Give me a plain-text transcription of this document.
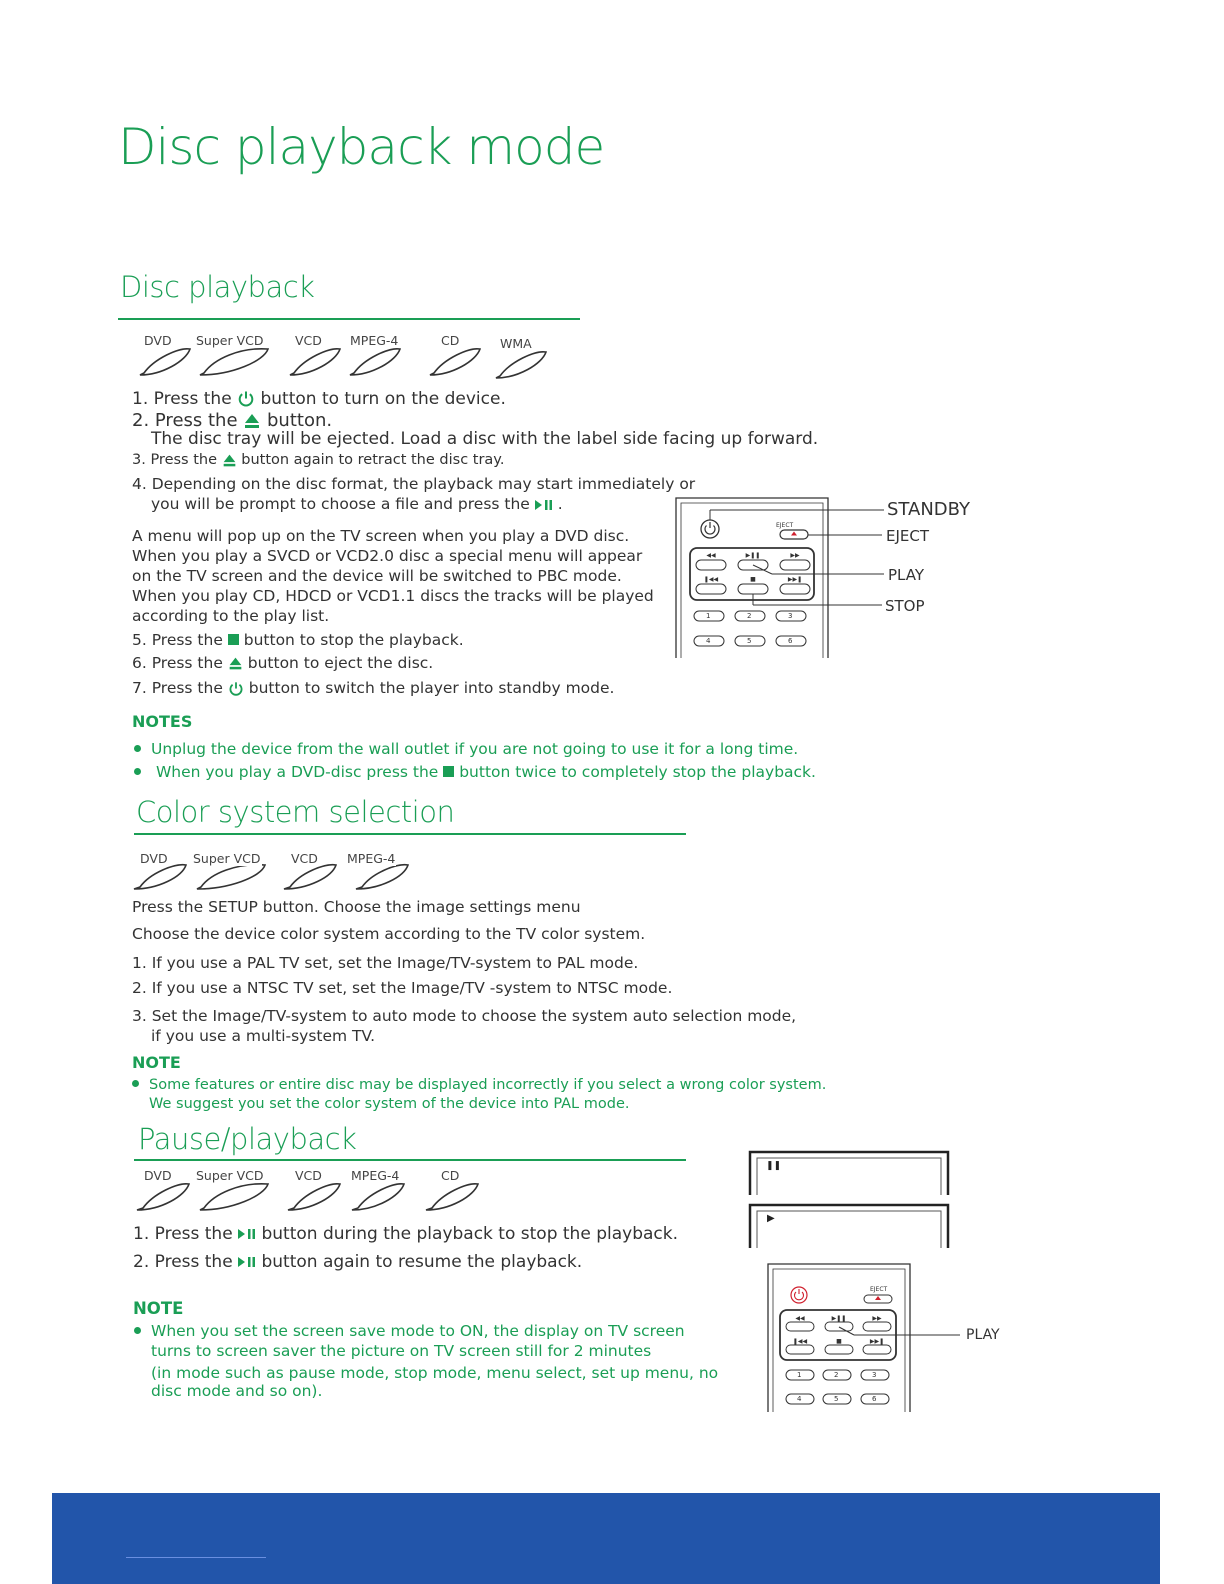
Disc playback mode
Disc playback
DVD Super VCD	VCD MPEG-4	CD	WMA
1. Press the button to turn on the device.
2. Press the button.
The disc tray will be ejected. Load a disc with the label side facing up forward.
3. Press the button again to retract the disc tray.
4. Depending on the disc format, the playback may start immediately or
you will be prompt to choose a file and press the .
A menu will pop up on the TV screen when you play a DVD disc.
When you play a SVCD or VCD2.0 disc a special menu will appear
on the TV screen and the device will be switched to PBC mode.
When you play CD, HDCD or VCD1.1 discs the tracks will be played
according to the play list.
5. Press the button to stop the playback.
6. Press the button to eject the disc.
7. Press the button to switch the player into standby mode.
NOTES
Unplug the device from the wall outlet if you are not going to use it for a long time.
When you play a DVD-disc press the button twice to completely stop the playback.
◀◀	▶❚❚	▶▶
❚◀◀	■	▶▶❚
EJECT
1	2	3
4	5	6
STANDBY
EJECT
PLAY
STOP
Color system selection
DVD Super VCD VCD MPEG-4
Press the SETUP button. Choose the image settings menu
Choose the device color system according to the TV color system.
1. If you use a PAL TV set, set the Image/TV-system to PAL mode.
2. If you use a NTSC TV set, set the Image/TV -system to NTSC mode.
3. Set the Image/TV-system to auto mode to choose the system auto selection mode,
if you use a multi-system TV.
NOTE
Some features or entire disc may be displayed incorrectly if you select a wrong color system.
We suggest you set the color system of the device into PAL mode.
Pause/playback
DVD Super VCD	VCD MPEG-4	CD
1. Press the button during the playback to stop the playback.
2. Press the button again to resume the playback.
NOTE
When you set the screen save mode to ON, the display on TV screen
turns to screen saver the picture on TV screen still for 2 minutes
(in mode such as pause mode, stop mode, menu select, set up menu, no
disc mode and so on).
❚❚
▶
◀◀	▶❚❚	▶▶
❚◀◀	■	▶▶❚
EJECT
1	2	3
4	5	6
PLAY
